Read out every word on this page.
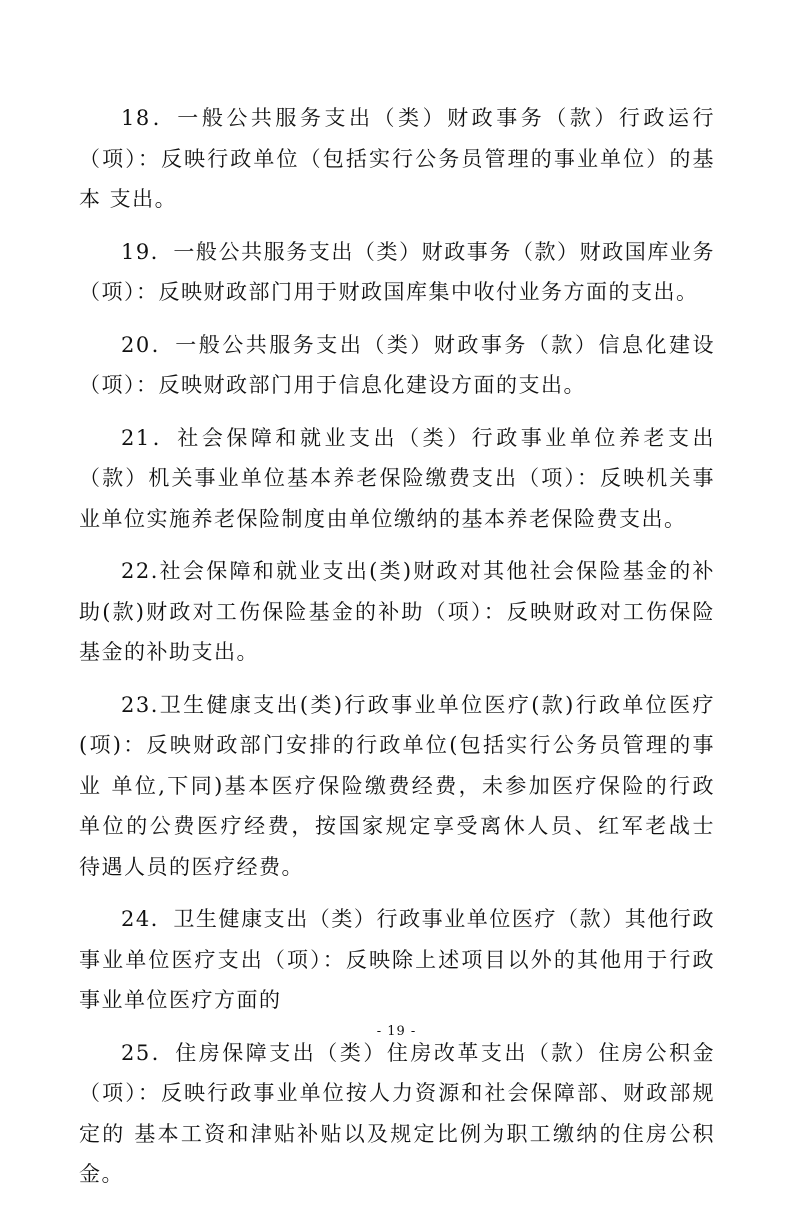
18．一般公共服务支出（类）财政事务（款）行政运行（项）：反映行政单位（包括实行公务员管理的事业单位）的基本 支出。

19．一般公共服务支出（类）财政事务（款）财政国库业务（项）：反映财政部门用于财政国库集中收付业务方面的支出。

20．一般公共服务支出（类）财政事务（款）信息化建设（项）：反映财政部门用于信息化建设方面的支出。

21．社会保障和就业支出（类）行政事业单位养老支出（款）机关事业单位基本养老保险缴费支出（项）：反映机关事业单位实施养老保险制度由单位缴纳的基本养老保险费支出。

22.社会保障和就业支出(类)财政对其他社会保险基金的补助(款)财政对工伤保险基金的补助（项）：反映财政对工伤保险基金的补助支出。

23.卫生健康支出(类)行政事业单位医疗(款)行政单位医疗(项)：反映财政部门安排的行政单位(包括实行公务员管理的事业 单位,下同)基本医疗保险缴费经费，未参加医疗保险的行政 单位的公费医疗经费，按国家规定享受离休人员、红军老战士 待遇人员的医疗经费。

24．卫生健康支出（类）行政事业单位医疗（款）其他行政事业单位医疗支出（项）：反映除上述项目以外的其他用于行政事业单位医疗方面的

25．住房保障支出（类）住房改革支出（款）住房公积金（项）：反映行政事业单位按人力资源和社会保障部、财政部规定的 基本工资和津贴补贴以及规定比例为职工缴纳的住房公积金。

- 19 -
